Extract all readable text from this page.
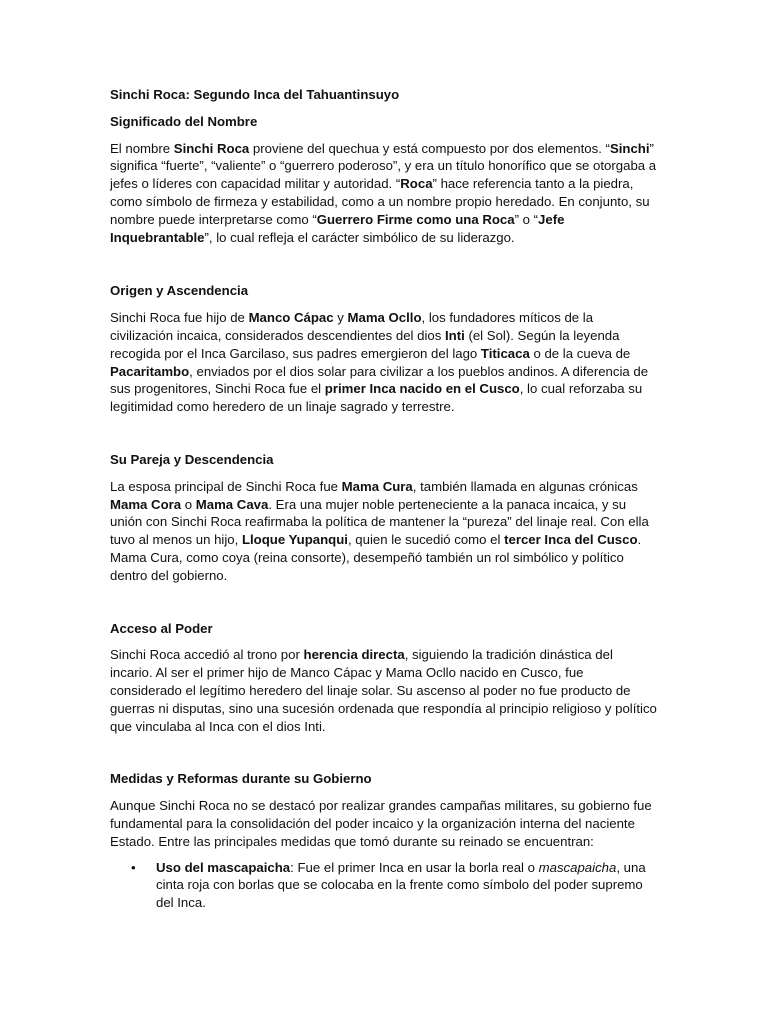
Sinchi Roca: Segundo Inca del Tahuantinsuyo
Significado del Nombre

El nombre Sinchi Roca proviene del quechua y está compuesto por dos elementos. “Sinchi” significa “fuerte”, “valiente” o “guerrero poderoso”, y era un título honorífico que se otorgaba a jefes o líderes con capacidad militar y autoridad. “Roca” hace referencia tanto a la piedra, como símbolo de firmeza y estabilidad, como a un nombre propio heredado. En conjunto, su nombre puede interpretarse como “Guerrero Firme como una Roca” o “Jefe Inquebrantable”, lo cual refleja el carácter simbólico de su liderazgo.

Origen y Ascendencia

Sinchi Roca fue hijo de Manco Cápac y Mama Ocllo, los fundadores míticos de la civilización incaica, considerados descendientes del dios Inti (el Sol). Según la leyenda recogida por el Inca Garcilaso, sus padres emergieron del lago Titicaca o de la cueva de Pacaritambo, enviados por el dios solar para civilizar a los pueblos andinos. A diferencia de sus progenitores, Sinchi Roca fue el primer Inca nacido en el Cusco, lo cual reforzaba su legitimidad como heredero de un linaje sagrado y terrestre.

Su Pareja y Descendencia

La esposa principal de Sinchi Roca fue Mama Cura, también llamada en algunas crónicas Mama Cora o Mama Cava. Era una mujer noble perteneciente a la panaca incaica, y su unión con Sinchi Roca reafirmaba la política de mantener la “pureza” del linaje real. Con ella tuvo al menos un hijo, Lloque Yupanqui, quien le sucedió como el tercer Inca del Cusco. Mama Cura, como coya (reina consorte), desempeñó también un rol simbólico y político dentro del gobierno.

Acceso al Poder

Sinchi Roca accedió al trono por herencia directa, siguiendo la tradición dinástica del incario. Al ser el primer hijo de Manco Cápac y Mama Ocllo nacido en Cusco, fue considerado el legítimo heredero del linaje solar. Su ascenso al poder no fue producto de guerras ni disputas, sino una sucesión ordenada que respondía al principio religioso y político que vinculaba al Inca con el dios Inti.

Medidas y Reformas durante su Gobierno

Aunque Sinchi Roca no se destacó por realizar grandes campañas militares, su gobierno fue fundamental para la consolidación del poder incaico y la organización interna del naciente Estado. Entre las principales medidas que tomó durante su reinado se encuentran:

• Uso del mascapaicha: Fue el primer Inca en usar la borla real o mascapaicha, una cinta roja con borlas que se colocaba en la frente como símbolo del poder supremo del Inca.
